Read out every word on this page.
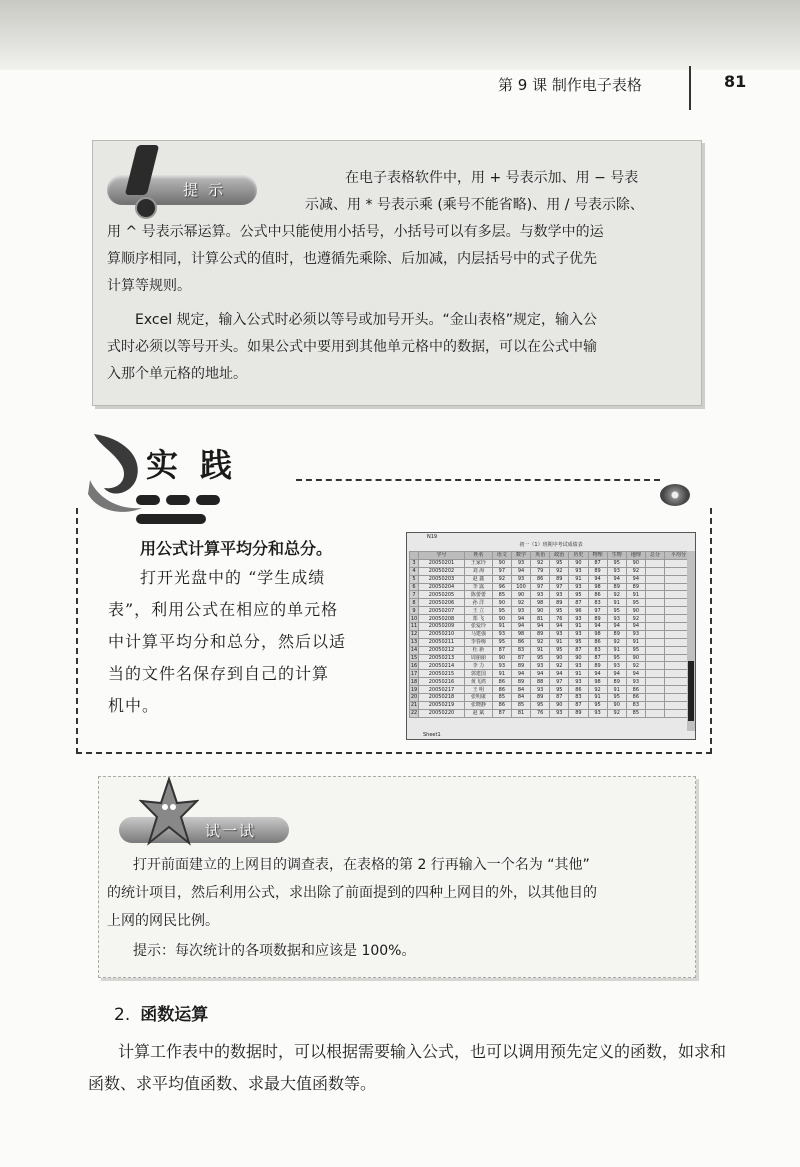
第 9 课 制作电子表格	81
提示

在电子表格软件中，用 + 号表示加、用 − 号表

示减、用 * 号表示乘 (乘号不能省略)、用 / 号表示除、

用 ^ 号表示幂运算。公式中只能使用小括号，小括号可以有多层。与数学中的运

算顺序相同，计算公式的值时，也遵循先乘除、后加减，内层括号中的式子优先

计算等规则。

Excel 规定，输入公式时必须以等号或加号开头。“金山表格”规定，输入公

式时必须以等号开头。如果公式中要用到其他单元格中的数据，可以在公式中输

入那个单元格的地址。

实践
用公式计算平均分和总分。
打开光盘中的 “学生成绩
表”，利用公式在相应的单元格
中计算平均分和总分，然后以适
当的文件名保存到自己的计算
机中。
N19
初一（1）班期中考试成绩表
	学号	姓名	语文	数学	英语	政治	历史	物理	生物	地理	总分	平均分
3	20050201	王家玲	90	93	92	95	90	87	95	90		
4	20050202	刘 海	97	94	79	92	93	89	93	92		
5	20050203	赵 鑫	92	93	86	89	91	94	94	94		
6	20050204	李 露	96	100	97	97	93	98	89	89		
7	20050205	陈蕾蕾	85	90	93	93	95	86	92	91		
8	20050206	孙 洋	90	92	98	89	87	83	91	95		
9	20050207	王 立	95	93	90	95	96	97	95	90		
10	20050208	郑 飞	90	94	81	76	93	89	93	92		
11	20050209	张爱玲	91	94	94	94	91	94	94	94		
12	20050210	马建强	93	98	89	93	93	98	89	93		
13	20050211	李春梅	95	86	92	91	95	86	92	91		
14	20050212	杜 新	87	83	91	95	87	83	91	95		
15	20050213	周丽丽	90	87	95	90	90	87	95	90		
16	20050214	李 力	93	89	93	92	93	89	93	92		
17	20050215	郭建国	91	94	94	94	91	94	94	94		
18	20050216	黄飞鸿	86	89	88	97	93	98	89	93		
19	20050217	王 明	86	84	93	95	86	92	91	86		
20	20050218	张明康	85	84	89	87	83	91	95	86		
21	20050219	张晓静	86	85	95	90	87	95	90	83		
22	20050220	赵 斌	87	81	76	93	89	93	92	85		
Sheet1
试一试

打开前面建立的上网目的调查表，在表格的第 2 行再输入一个名为 “其他”

的统计项目，然后利用公式，求出除了前面提到的四种上网目的外，以其他目的

上网的网民比例。

提示：每次统计的各项数据和应该是 100%。

2. 函数运算

计算工作表中的数据时，可以根据需要输入公式，也可以调用预先定义的函数，如求和函数、求平均值函数、求最大值函数等。
